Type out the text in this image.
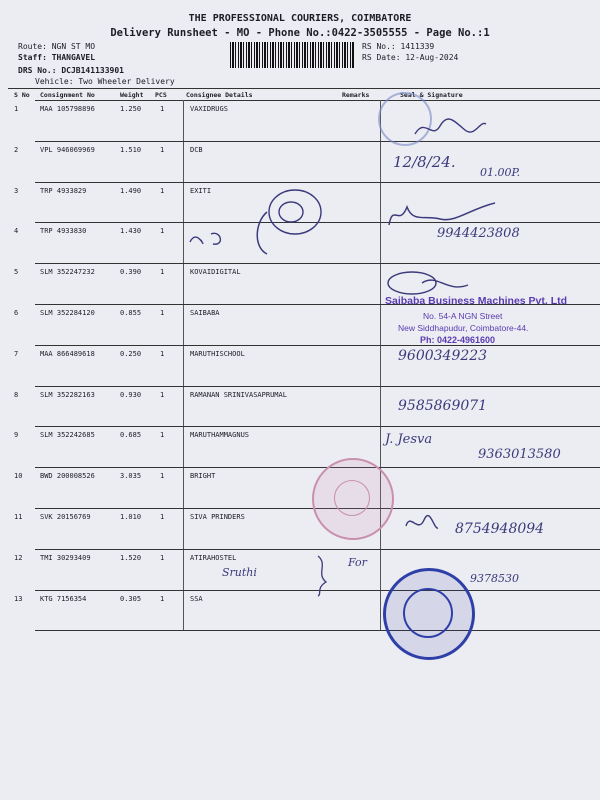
THE PROFESSIONAL COURIERS, COIMBATORE
Delivery Runsheet - MO - Phone No.:0422-3505555 - Page No.:1
Route: NGN ST MO
Staff: THANGAVEL
DRS No.: DCJB141133901
Vehicle: Two Wheeler Delivery
RS No.: 1411339
RS Date: 12-Aug-2024
S No Consignment No	Weight PCS	Consignee Details	Remarks	Seal & Signature
1	MAA 105798896	1.250	1	VAXIDRUGS
2	VPL 946069969	1.510	1	DCB
3	TRP 4933829	1.490	1	EXITI
4	TRP 4933830	1.430	1
5	SLM 352247232	0.390	1	KOVAIDIGITAL
6	SLM 352284120	0.855	1	SAIBABA
7	MAA 866489618	0.250	1	MARUTHISCHOOL
8	SLM 352282163	0.930	1	RAMANAN SRINIVASAPRUMAL
9	SLM 352242685	0.685	1	MARUTHAMMAGNUS
10	BWD 200008526	3.035	1	BRIGHT
11	SVK 20156769	1.010	1	SIVA PRINDERS
12	TMI 30293409	1.520	1	ATIRAHOSTEL
13	KTG 7156354	0.305	1	SSA
12/8/24.
01.00P.
9944423808
Saibaba Business Machines Pvt. Ltd
No. 54-A NGN Street
New Siddhapudur, Coimbatore-44.
Ph: 0422-4961600
9600349223
9585869071
J. Jesva
9363013580
8754948094
Sruthi
For
9378530
